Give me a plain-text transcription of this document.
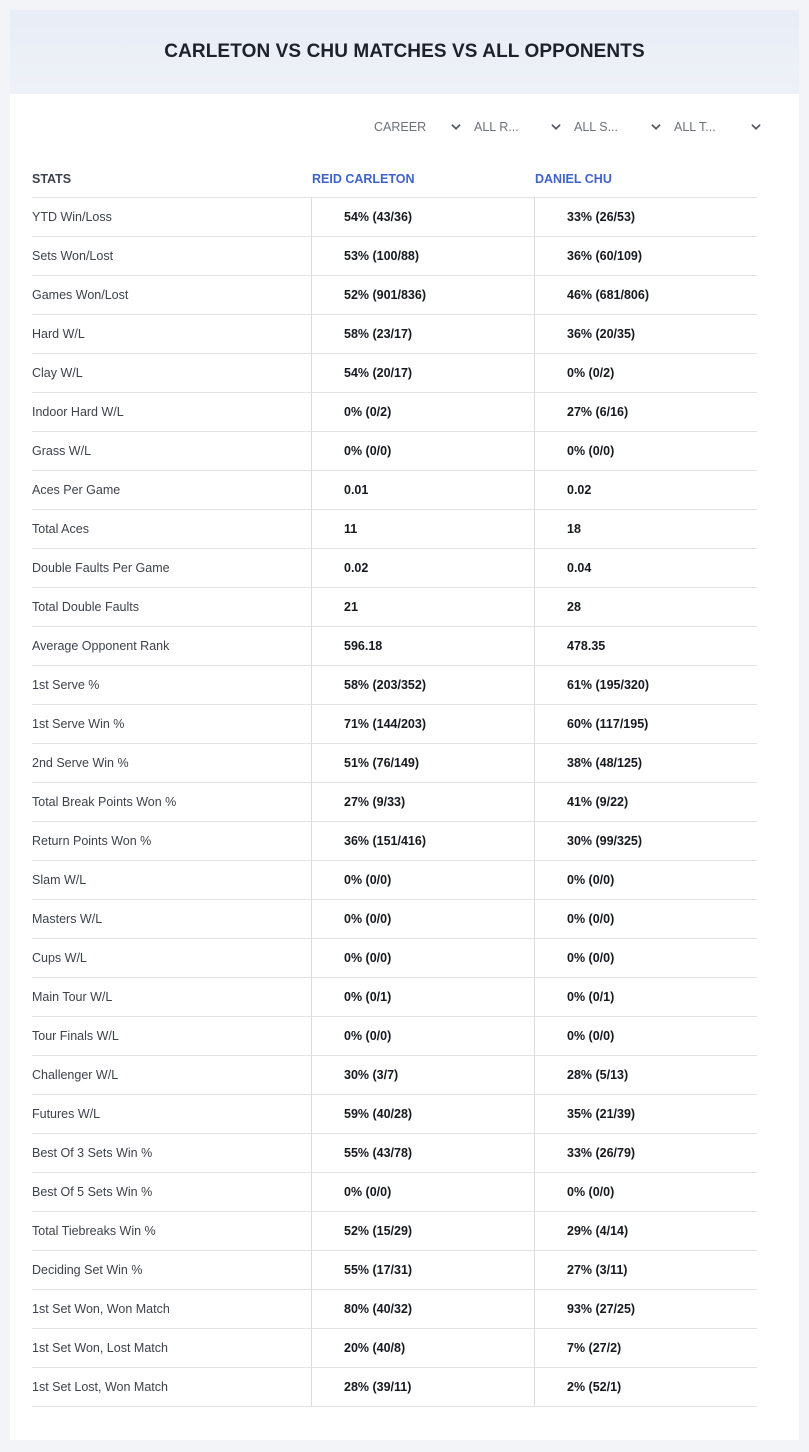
CARLETON VS CHU MATCHES VS ALL OPPONENTS
CAREER	ALL R...	ALL S...	ALL T...
STATS	REID CARLETON	DANIEL CHU
YTD Win/Loss	54% (43/36)	33% (26/53)
Sets Won/Lost	53% (100/88)	36% (60/109)
Games Won/Lost	52% (901/836)	46% (681/806)
Hard W/L	58% (23/17)	36% (20/35)
Clay W/L	54% (20/17)	0% (0/2)
Indoor Hard W/L	0% (0/2)	27% (6/16)
Grass W/L	0% (0/0)	0% (0/0)
Aces Per Game	0.01	0.02
Total Aces	11	18
Double Faults Per Game	0.02	0.04
Total Double Faults	21	28
Average Opponent Rank	596.18	478.35
1st Serve %	58% (203/352)	61% (195/320)
1st Serve Win %	71% (144/203)	60% (117/195)
2nd Serve Win %	51% (76/149)	38% (48/125)
Total Break Points Won %	27% (9/33)	41% (9/22)
Return Points Won %	36% (151/416)	30% (99/325)
Slam W/L	0% (0/0)	0% (0/0)
Masters W/L	0% (0/0)	0% (0/0)
Cups W/L	0% (0/0)	0% (0/0)
Main Tour W/L	0% (0/1)	0% (0/1)
Tour Finals W/L	0% (0/0)	0% (0/0)
Challenger W/L	30% (3/7)	28% (5/13)
Futures W/L	59% (40/28)	35% (21/39)
Best Of 3 Sets Win %	55% (43/78)	33% (26/79)
Best Of 5 Sets Win %	0% (0/0)	0% (0/0)
Total Tiebreaks Win %	52% (15/29)	29% (4/14)
Deciding Set Win %	55% (17/31)	27% (3/11)
1st Set Won, Won Match	80% (40/32)	93% (27/25)
1st Set Won, Lost Match	20% (40/8)	7% (27/2)
1st Set Lost, Won Match	28% (39/11)	2% (52/1)
